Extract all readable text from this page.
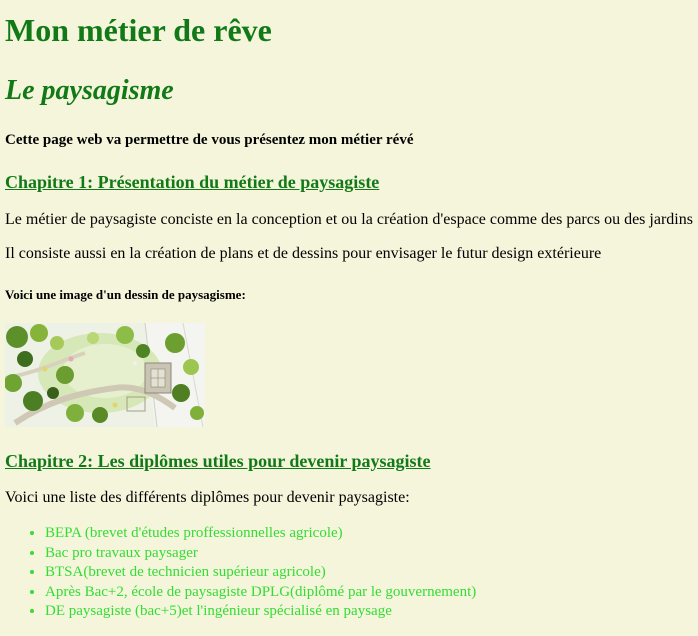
Mon métier de rêve
Le paysagisme
Cette page web va permettre de vous présentez mon métier révé
Chapitre 1: Présentation du métier de paysagiste

Le métier de paysagiste conciste en la conception et ou la création d'espace comme des parcs ou des jardins

Il consiste aussi en la création de plans et de dessins pour envisager le futur design extérieure

Voici une image d'un dessin de paysagisme:
Chapitre 2: Les diplômes utiles pour devenir paysagiste

Voici une liste des différents diplômes pour devenir paysagiste:

• BEPA (brevet d'études proffessionnelles agricole)
• Bac pro travaux paysager
• BTSA(brevet de technicien supérieur agricole)
• Après Bac+2, école de paysagiste DPLG(diplômé par le gouvernement)
• DE paysagiste (bac+5)et l'ingénieur spécialisé en paysage
